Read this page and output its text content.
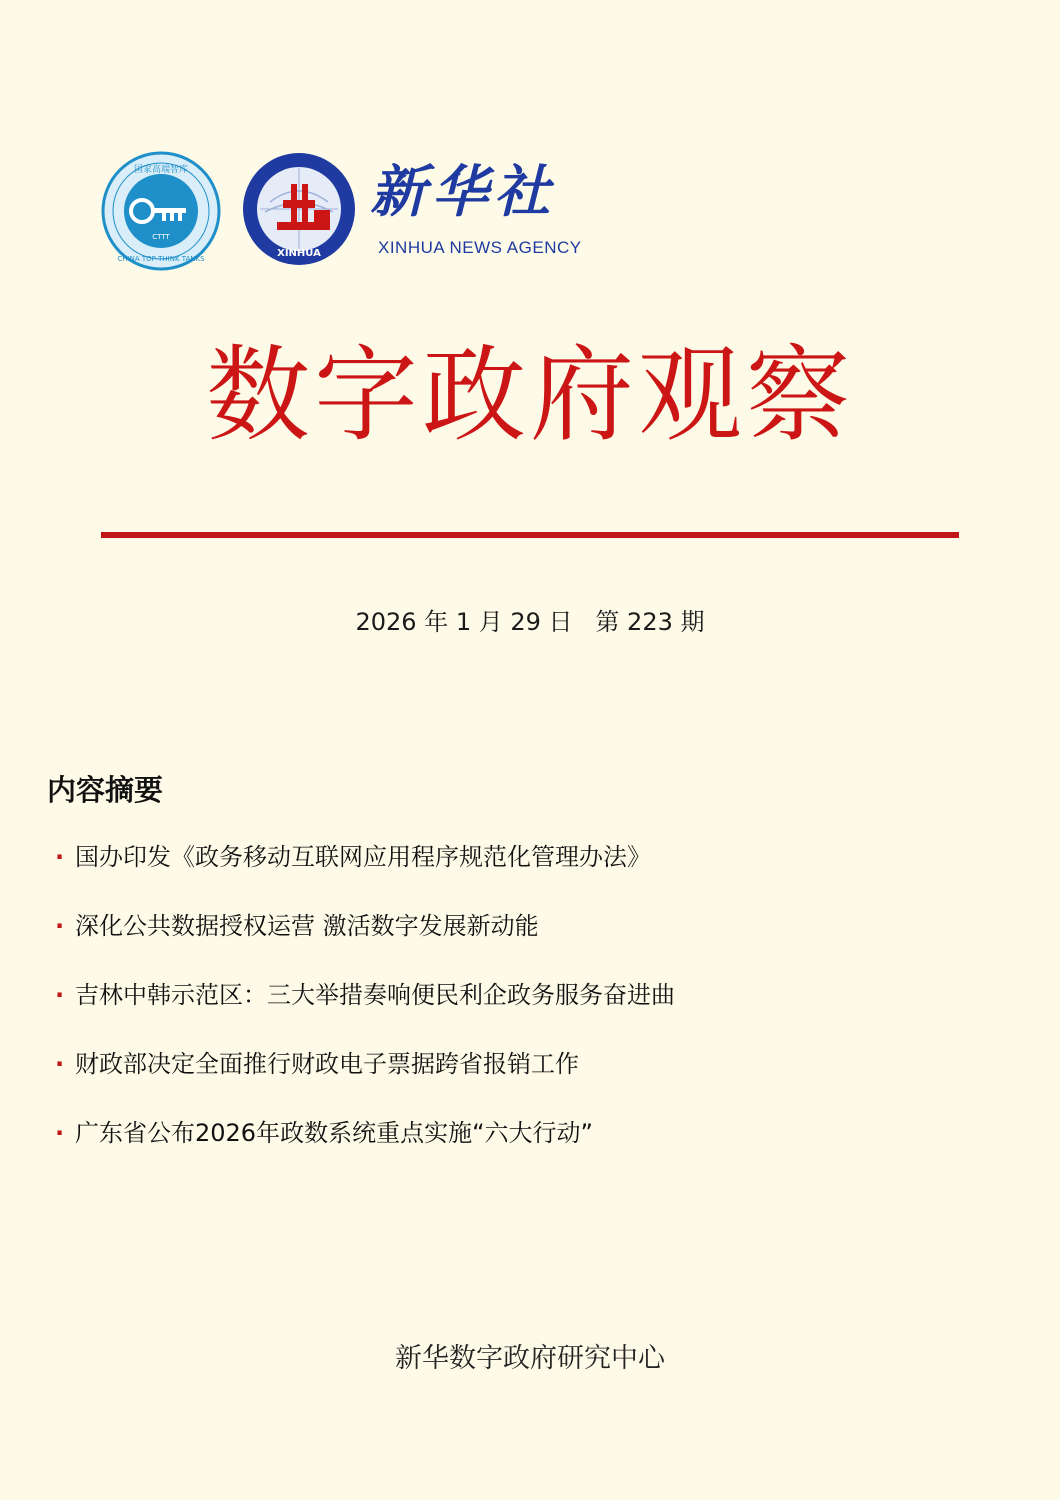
国家高端智库
CHINA TOP THINK TANKS
CTTT
XINHUA
新华社
XINHUA NEWS AGENCY
数字政府观察
2026 年 1 月 29 日 第 223 期
内容摘要
· 国办印发《政务移动互联网应用程序规范化管理办法》
· 深化公共数据授权运营 激活数字发展新动能
· 吉林中韩示范区：三大举措奏响便民利企政务服务奋进曲
· 财政部决定全面推行财政电子票据跨省报销工作
· 广东省公布2026年政数系统重点实施“六大行动”
新华数字政府研究中心
